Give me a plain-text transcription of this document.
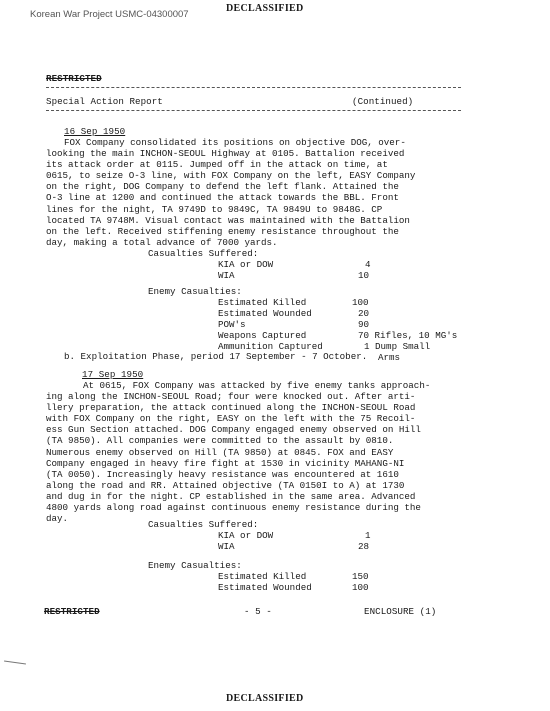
Korean War Project USMC-04300007
DECLASSIFIED
RESTRICTED
Special Action Report	(Continued)
16 Sep 1950
FOX Company consolidated its positions on objective DOG, over-
looking the main INCHON-SEOUL Highway at 0105. Battalion received
its attack order at 0115. Jumped off in the attack on time, at
0615, to seize O-3 line, with FOX Company on the left, EASY Company
on the right, DOG Company to defend the left flank. Attained the
O-3 line at 1200 and continued the attack towards the BBL. Front
lines for the night, TA 9749D to 9849C, TA 9849U to 9848G. CP
located TA 9748M. Visual contact was maintained with the Battalion
on the left. Received stiffening enemy resistance throughout the
day, making a total advance of 7000 yards.
Casualties Suffered:
KIA or DOW	4
WIA	10
Enemy Casualties:
Estimated Killed	100
Estimated Wounded	20
POW's	90
Weapons Captured	70 Rifles, 10 MG's
Ammunition Captured	1 Dump Small
Arms
b. Exploitation Phase, period 17 September - 7 October.
17 Sep 1950
At 0615, FOX Company was attacked by five enemy tanks approach-
ing along the INCHON-SEOUL Road; four were knocked out. After arti-
llery preparation, the attack continued along the INCHON-SEOUL Road
with FOX Company on the right, EASY on the left with the 75 Recoil-
ess Gun Section attached. DOG Company engaged enemy observed on Hill
(TA 9850). All companies were committed to the assault by 0810.
Numerous enemy observed on Hill (TA 9850) at 0845. FOX and EASY
Company engaged in heavy fire fight at 1530 in vicinity MAHANG-NI
(TA 0050). Increasingly heavy resistance was encountered at 1610
along the road and RR. Attained objective (TA 0150I to A) at 1730
and dug in for the night. CP established in the same area. Advanced
4800 yards along road against continuous enemy resistance during the
day.
Casualties Suffered:
KIA or DOW	1
WIA	28
Enemy Casualties:
Estimated Killed	150
Estimated Wounded	100
RESTRICTED	- 5 -	ENCLOSURE (1)
DECLASSIFIED
